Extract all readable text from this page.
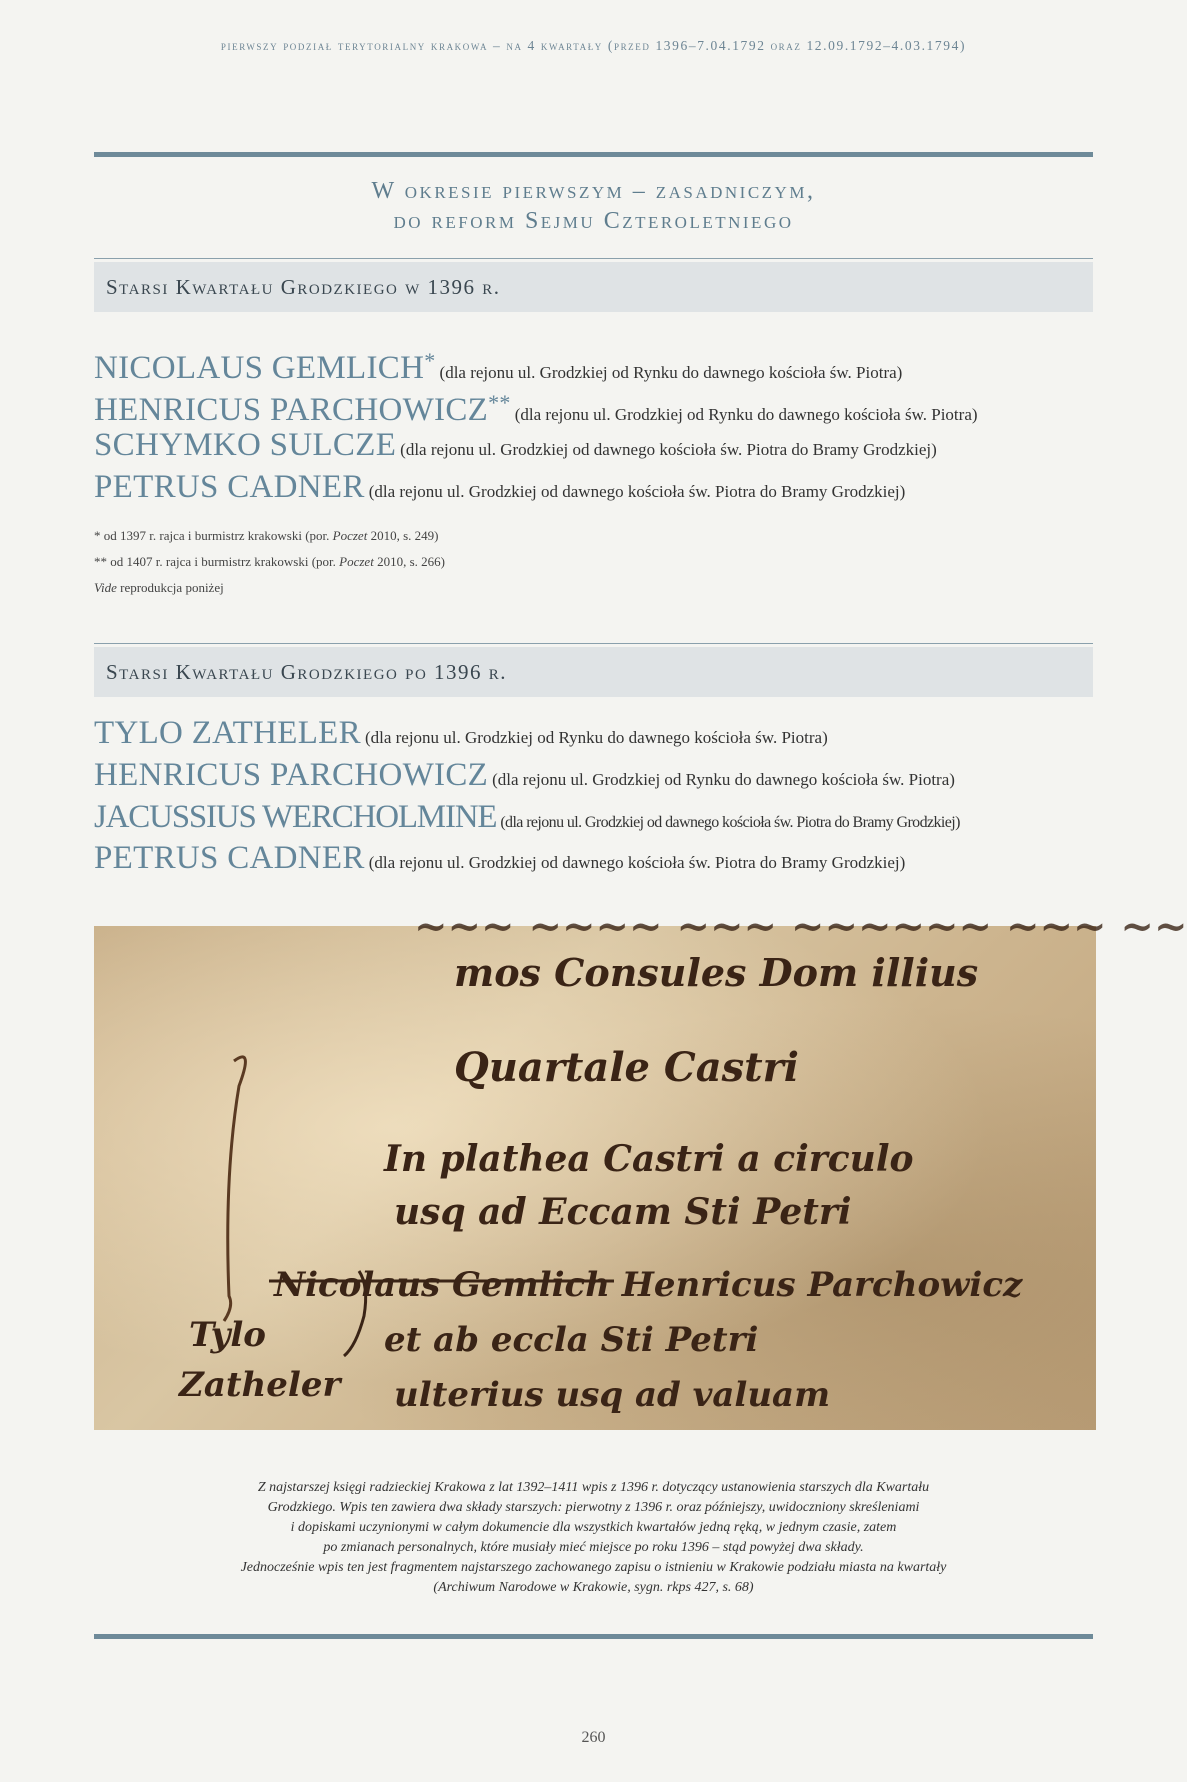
pierwszy podział terytorialny krakowa – na 4 kwartały (przed 1396–7.04.1792 oraz 12.09.1792–4.03.1794)
W okresie pierwszym – zasadniczym,
do reform Sejmu Czteroletniego
Starsi Kwartału Grodzkiego w 1396 r.
NICOLAUS GEMLICH* (dla rejonu ul. Grodzkiej od Rynku do dawnego kościoła św. Piotra)
HENRICUS PARCHOWICZ** (dla rejonu ul. Grodzkiej od Rynku do dawnego kościoła św. Piotra)
SCHYMKO SULCZE (dla rejonu ul. Grodzkiej od dawnego kościoła św. Piotra do Bramy Grodzkiej)
PETRUS CADNER (dla rejonu ul. Grodzkiej od dawnego kościoła św. Piotra do Bramy Grodzkiej)
* od 1397 r. rajca i burmistrz krakowski (por. Poczet 2010, s. 249)
** od 1407 r. rajca i burmistrz krakowski (por. Poczet 2010, s. 266)
Vide reprodukcja poniżej
Starsi Kwartału Grodzkiego po 1396 r.
TYLO ZATHELER (dla rejonu ul. Grodzkiej od Rynku do dawnego kościoła św. Piotra)
HENRICUS PARCHOWICZ (dla rejonu ul. Grodzkiej od Rynku do dawnego kościoła św. Piotra)
JACUSSIUS WERCHOLMINE (dla rejonu ul. Grodzkiej od dawnego kościoła św. Piotra do Bramy Grodzkiej)
PETRUS CADNER (dla rejonu ul. Grodzkiej od dawnego kościoła św. Piotra do Bramy Grodzkiej)
~~~ ~~~~ ~~~ ~~~~~~ ~~~ ~~
mos Consules Dom illius
Quartale Castri
In plathea Castri a circulo
usq ad Eccam Sti Petri
Nicolaus Gemlich Henricus Parchowicz
et ab eccla Sti Petri
ulterius usq ad valuam
Tylo
Zatheler
Z najstarszej księgi radzieckiej Krakowa z lat 1392–1411 wpis z 1396 r. dotyczący ustanowienia starszych dla Kwartału
Grodzkiego. Wpis ten zawiera dwa składy starszych: pierwotny z 1396 r. oraz późniejszy, uwidoczniony skreśleniami
i dopiskami uczynionymi w całym dokumencie dla wszystkich kwartałów jedną ręką, w jednym czasie, zatem
po zmianach personalnych, które musiały mieć miejsce po roku 1396 – stąd powyżej dwa składy.
Jednocześnie wpis ten jest fragmentem najstarszego zachowanego zapisu o istnieniu w Krakowie podziału miasta na kwartały
(Archiwum Narodowe w Krakowie, sygn. rkps 427, s. 68)
260
